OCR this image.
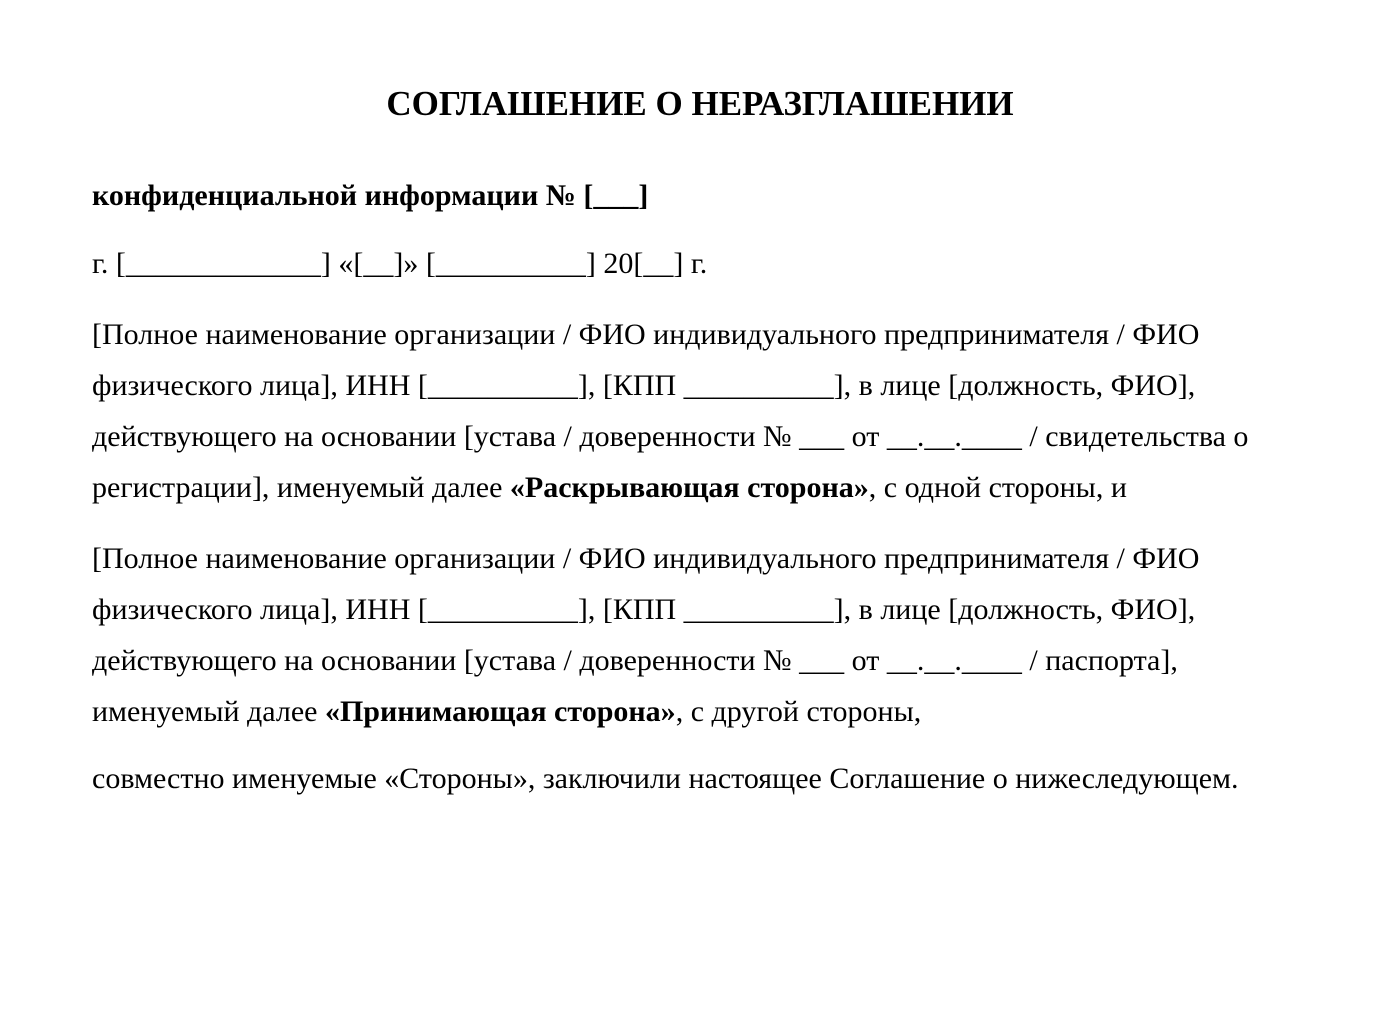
СОГЛАШЕНИЕ О НЕРАЗГЛАШЕНИИ
конфиденциальной информации № [___]

г. [_____________] «[__]» [__________] 20[__] г.

[Полное наименование организации / ФИО индивидуального предпринимателя / ФИО физического лица], ИНН [__________], [КПП __________], в лице [должность, ФИО], действующего на основании [устава / доверенности № ___ от __.__.____ / свидетельства о регистрации], именуемый далее «Раскрывающая сторона», с одной стороны, и

[Полное наименование организации / ФИО индивидуального предпринимателя / ФИО физического лица], ИНН [__________], [КПП __________], в лице [должность, ФИО], действующего на основании [устава / доверенности № ___ от __.__.____ / паспорта], именуемый далее «Принимающая сторона», с другой стороны,

совместно именуемые «Стороны», заключили настоящее Соглашение о нижеследующем.
